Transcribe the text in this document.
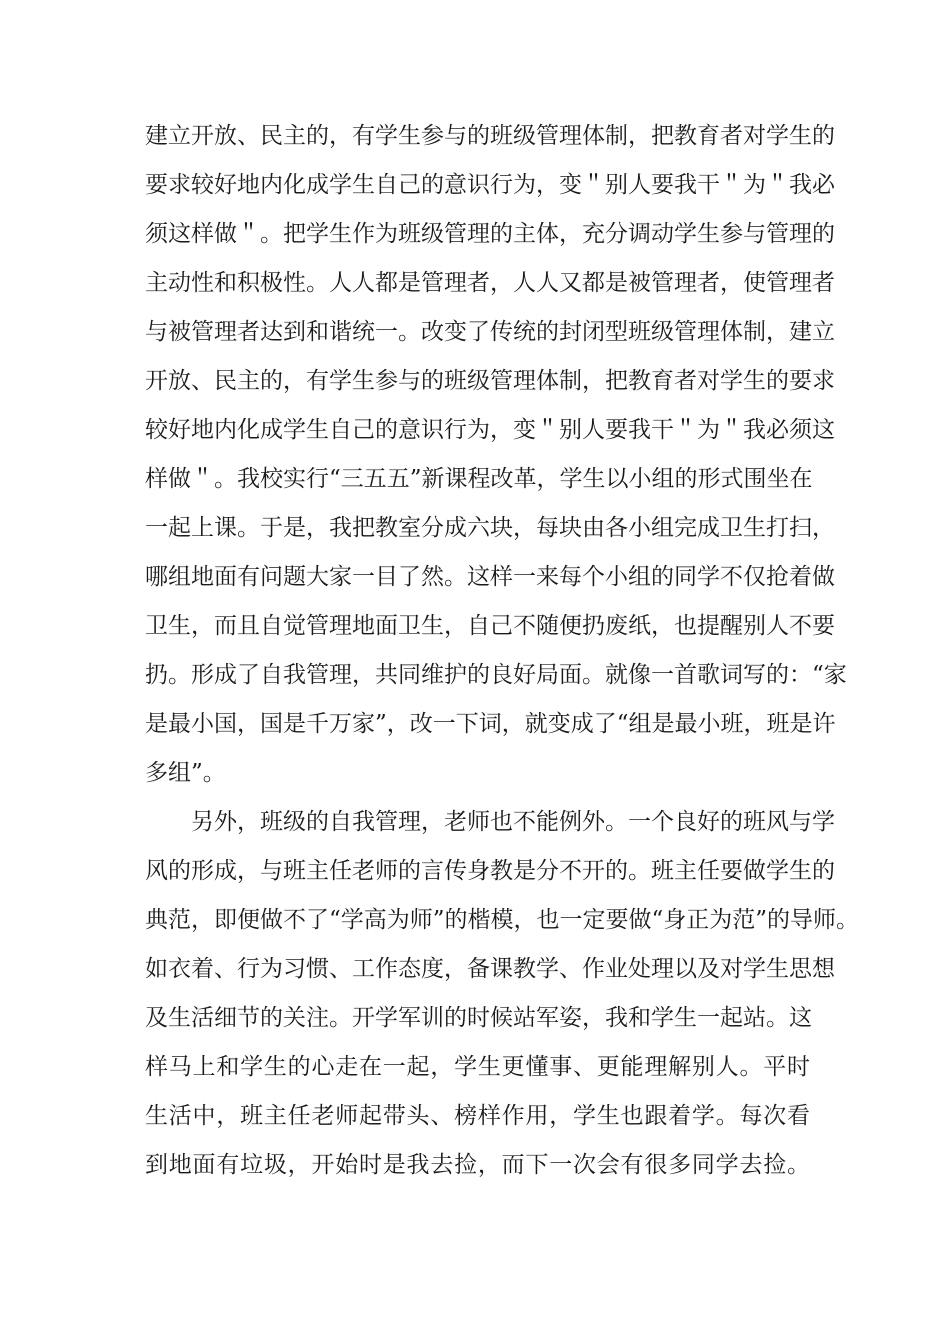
建立开放、民主的，有学生参与的班级管理体制，把教育者对学生的
要求较好地内化成学生自己的意识行为，变＂别人要我干＂为＂我必
须这样做＂。把学生作为班级管理的主体，充分调动学生参与管理的
主动性和积极性。人人都是管理者，人人又都是被管理者，使管理者
与被管理者达到和谐统一。改变了传统的封闭型班级管理体制，建立
开放、民主的，有学生参与的班级管理体制，把教育者对学生的要求
较好地内化成学生自己的意识行为，变＂别人要我干＂为＂我必须这
样做＂。我校实行“三五五”新课程改革，学生以小组的形式围坐在
一起上课。于是，我把教室分成六块，每块由各小组完成卫生打扫，
哪组地面有问题大家一目了然。这样一来每个小组的同学不仅抢着做
卫生，而且自觉管理地面卫生，自己不随便扔废纸，也提醒别人不要
扔。形成了自我管理，共同维护的良好局面。就像一首歌词写的：“家
是最小国，国是千万家”，改一下词，就变成了“组是最小班，班是许
多组”。
另外，班级的自我管理，老师也不能例外。一个良好的班风与学
风的形成，与班主任老师的言传身教是分不开的。班主任要做学生的
典范，即便做不了“学高为师”的楷模，也一定要做“身正为范”的导师。
如衣着、行为习惯、工作态度，备课教学、作业处理以及对学生思想
及生活细节的关注。开学军训的时候站军姿，我和学生一起站。这
样马上和学生的心走在一起，学生更懂事、更能理解别人。平时
生活中，班主任老师起带头、榜样作用，学生也跟着学。每次看
到地面有垃圾，开始时是我去捡，而下一次会有很多同学去捡。
